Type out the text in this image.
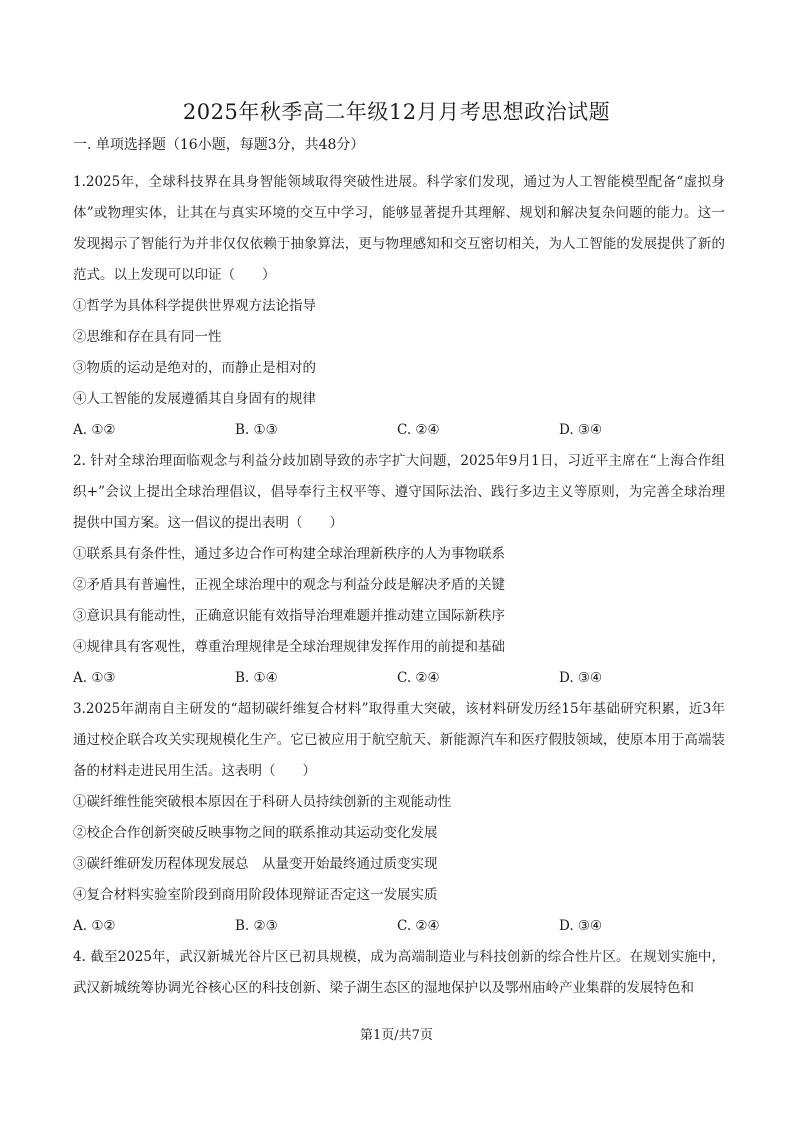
2025年秋季高二年级12月月考思想政治试题
一. 单项选择题（16小题，每题3分，共48分）

1.2025年，全球科技界在具身智能领域取得突破性进展。科学家们发现，通过为人工智能模型配备“虚拟身体”或物理实体，让其在与真实环境的交互中学习，能够显著提升其理解、规划和解决复杂问题的能力。这一发现揭示了智能行为并非仅仅依赖于抽象算法，更与物理感知和交互密切相关，为人工智能的发展提供了新的范式。以上发现可以印证（　　）

①哲学为具体科学提供世界观方法论指导

②思维和存在具有同一性

③物质的运动是绝对的，而静止是相对的

④人工智能的发展遵循其自身固有的规律

A. ①②	B. ①③	C. ②④	D. ③④

2. 针对全球治理面临观念与利益分歧加剧导致的赤字扩大问题，2025年9月1日，习近平主席在“上海合作组织+”会议上提出全球治理倡议，倡导奉行主权平等、遵守国际法治、践行多边主义等原则，为完善全球治理提供中国方案。这一倡议的提出表明（　　）

①联系具有条件性，通过多边合作可构建全球治理新秩序的人为事物联系

②矛盾具有普遍性，正视全球治理中的观念与利益分歧是解决矛盾的关键

③意识具有能动性，正确意识能有效指导治理难题并推动建立国际新秩序

④规律具有客观性，尊重治理规律是全球治理规律发挥作用的前提和基础

A. ①③	B. ①④	C. ②④	D. ③④

3.2025年湖南自主研发的“超韧碳纤维复合材料”取得重大突破，该材料研发历经15年基础研究积累，近3年通过校企联合攻关实现规模化生产。它已被应用于航空航天、新能源汽车和医疗假肢领域，使原本用于高端装备的材料走进民用生活。这表明（　　）

①碳纤维性能突破根本原因在于科研人员持续创新的主观能动性

②校企合作创新突破反映事物之间的联系推动其运动变化发展

③碳纤维研发历程体现发展总　从量变开始最终通过质变实现

④复合材料实验室阶段到商用阶段体现辩证否定这一发展实质

A. ①②	B. ②③	C. ②④	D. ③④

4. 截至2025年，武汉新城光谷片区已初具规模，成为高端制造业与科技创新的综合性片区。在规划实施中，武汉新城统筹协调光谷核心区的科技创新、梁子湖生态区的湿地保护以及鄂州庙岭产业集群的发展特色和

第1页/共7页
